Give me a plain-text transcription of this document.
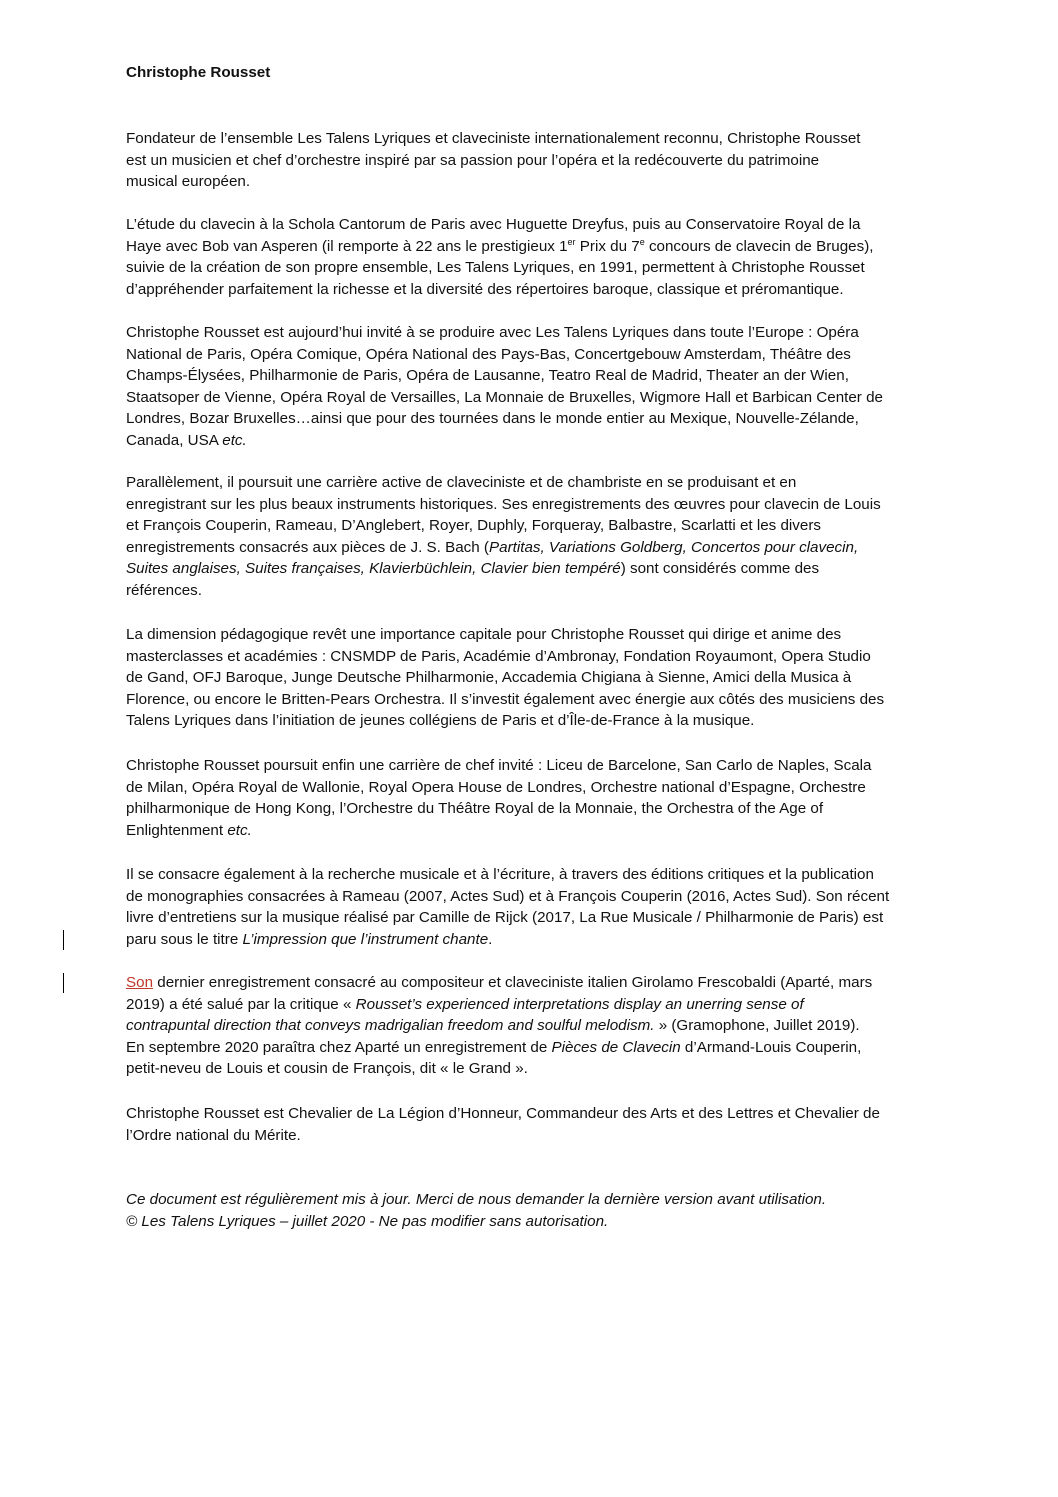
Christophe Rousset
Fondateur de l’ensemble Les Talens Lyriques et claveciniste internationalement reconnu, Christophe Rousset
est un musicien et chef d’orchestre inspiré par sa passion pour l’opéra et la redécouverte du patrimoine
musical européen.
L’étude du clavecin à la Schola Cantorum de Paris avec Huguette Dreyfus, puis au Conservatoire Royal de la
Haye avec Bob van Asperen (il remporte à 22 ans le prestigieux 1er Prix du 7e concours de clavecin de Bruges),
suivie de la création de son propre ensemble, Les Talens Lyriques, en 1991, permettent à Christophe Rousset
d’appréhender parfaitement la richesse et la diversité des répertoires baroque, classique et préromantique.
Christophe Rousset est aujourd’hui invité à se produire avec Les Talens Lyriques dans toute l’Europe : Opéra
National de Paris, Opéra Comique, Opéra National des Pays-Bas, Concertgebouw Amsterdam, Théâtre des
Champs-Élysées, Philharmonie de Paris, Opéra de Lausanne, Teatro Real de Madrid, Theater an der Wien,
Staatsoper de Vienne, Opéra Royal de Versailles, La Monnaie de Bruxelles, Wigmore Hall et Barbican Center de
Londres, Bozar Bruxelles…ainsi que pour des tournées dans le monde entier au Mexique, Nouvelle-Zélande,
Canada, USA etc.
Parallèlement, il poursuit une carrière active de claveciniste et de chambriste en se produisant et en
enregistrant sur les plus beaux instruments historiques. Ses enregistrements des œuvres pour clavecin de Louis
et François Couperin, Rameau, D’Anglebert, Royer, Duphly, Forqueray, Balbastre, Scarlatti et les divers
enregistrements consacrés aux pièces de J. S. Bach (Partitas, Variations Goldberg, Concertos pour clavecin,
Suites anglaises, Suites françaises, Klavierbüchlein, Clavier bien tempéré) sont considérés comme des
références.
La dimension pédagogique revêt une importance capitale pour Christophe Rousset qui dirige et anime des
masterclasses et académies : CNSMDP de Paris, Académie d’Ambronay, Fondation Royaumont, Opera Studio
de Gand, OFJ Baroque, Junge Deutsche Philharmonie, Accademia Chigiana à Sienne, Amici della Musica à
Florence, ou encore le Britten-Pears Orchestra. Il s’investit également avec énergie aux côtés des musiciens des
Talens Lyriques dans l’initiation de jeunes collégiens de Paris et d’Île-de-France à la musique.
Christophe Rousset poursuit enfin une carrière de chef invité : Liceu de Barcelone, San Carlo de Naples, Scala
de Milan, Opéra Royal de Wallonie, Royal Opera House de Londres, Orchestre national d’Espagne, Orchestre
philharmonique de Hong Kong, l’Orchestre du Théâtre Royal de la Monnaie, the Orchestra of the Age of
Enlightenment etc.
Il se consacre également à la recherche musicale et à l’écriture, à travers des éditions critiques et la publication
de monographies consacrées à Rameau (2007, Actes Sud) et à François Couperin (2016, Actes Sud). Son récent
livre d’entretiens sur la musique réalisé par Camille de Rijck (2017, La Rue Musicale / Philharmonie de Paris) est
paru sous le titre L’impression que l’instrument chante.
Son dernier enregistrement consacré au compositeur et claveciniste italien Girolamo Frescobaldi (Aparté, mars
2019) a été salué par la critique « Rousset’s experienced interpretations display an unerring sense of
contrapuntal direction that conveys madrigalian freedom and soulful melodism. » (Gramophone, Juillet 2019).
En septembre 2020 paraîtra chez Aparté un enregistrement de Pièces de Clavecin d’Armand-Louis Couperin,
petit-neveu de Louis et cousin de François, dit « le Grand ».
Christophe Rousset est Chevalier de La Légion d’Honneur, Commandeur des Arts et des Lettres et Chevalier de
l’Ordre national du Mérite.
Ce document est régulièrement mis à jour. Merci de nous demander la dernière version avant utilisation.
© Les Talens Lyriques – juillet 2020 - Ne pas modifier sans autorisation.
